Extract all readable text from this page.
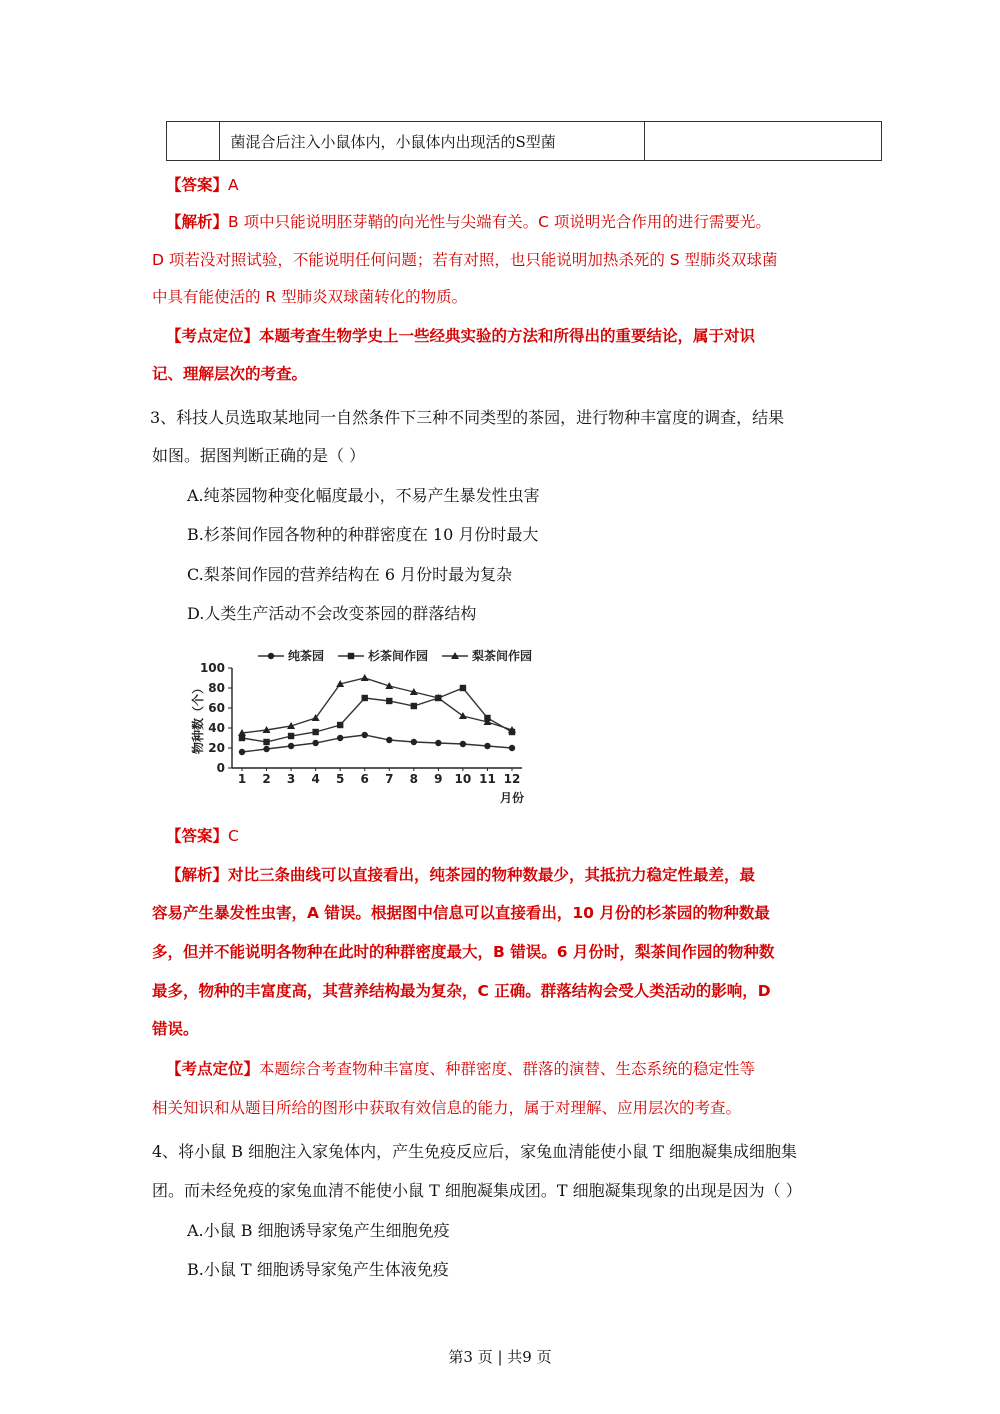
	菌混合后注入小鼠体内，小鼠体内出现活的S型菌	
【答案】A
【解析】B 项中只能说明胚芽鞘的向光性与尖端有关。C 项说明光合作用的进行需要光。
D 项若没对照试验，不能说明任何问题；若有对照，也只能说明加热杀死的 S 型肺炎双球菌
中具有能使活的 R 型肺炎双球菌转化的物质。
【考点定位】本题考查生物学史上一些经典实验的方法和所得出的重要结论，属于对识
记、理解层次的考查。
3、科技人员选取某地同一自然条件下三种不同类型的茶园，进行物种丰富度的调查，结果
如图。据图判断正确的是（ ）
A.纯茶园物种变化幅度最小，不易产生暴发性虫害
B.杉茶间作园各物种的种群密度在 10 月份时最大
C.梨茶间作园的营养结构在 6 月份时最为复杂
D.人类生产活动不会改变茶园的群落结构
0
20
40
60
80
100
1 2 3 4 5 6 7 8 9 10 11 12
月份
物种数（个）
纯茶园	杉茶间作园	梨茶间作园
【答案】C
【解析】对比三条曲线可以直接看出，纯茶园的物种数最少，其抵抗力稳定性最差，最
容易产生暴发性虫害，A 错误。根据图中信息可以直接看出，10 月份的杉茶园的物种数最
多，但并不能说明各物种在此时的种群密度最大，B 错误。6 月份时，梨茶间作园的物种数
最多，物种的丰富度高，其营养结构最为复杂，C 正确。群落结构会受人类活动的影响，D
错误。
【考点定位】本题综合考查物种丰富度、种群密度、群落的演替、生态系统的稳定性等
相关知识和从题目所给的图形中获取有效信息的能力，属于对理解、应用层次的考查。
4、将小鼠 B 细胞注入家兔体内，产生免疫反应后，家兔血清能使小鼠 T 细胞凝集成细胞集
团。而未经免疫的家兔血清不能使小鼠 T 细胞凝集成团。T 细胞凝集现象的出现是因为（ ）
A.小鼠 B 细胞诱导家兔产生细胞免疫
B.小鼠 T 细胞诱导家兔产生体液免疫
第3 页 | 共9 页
